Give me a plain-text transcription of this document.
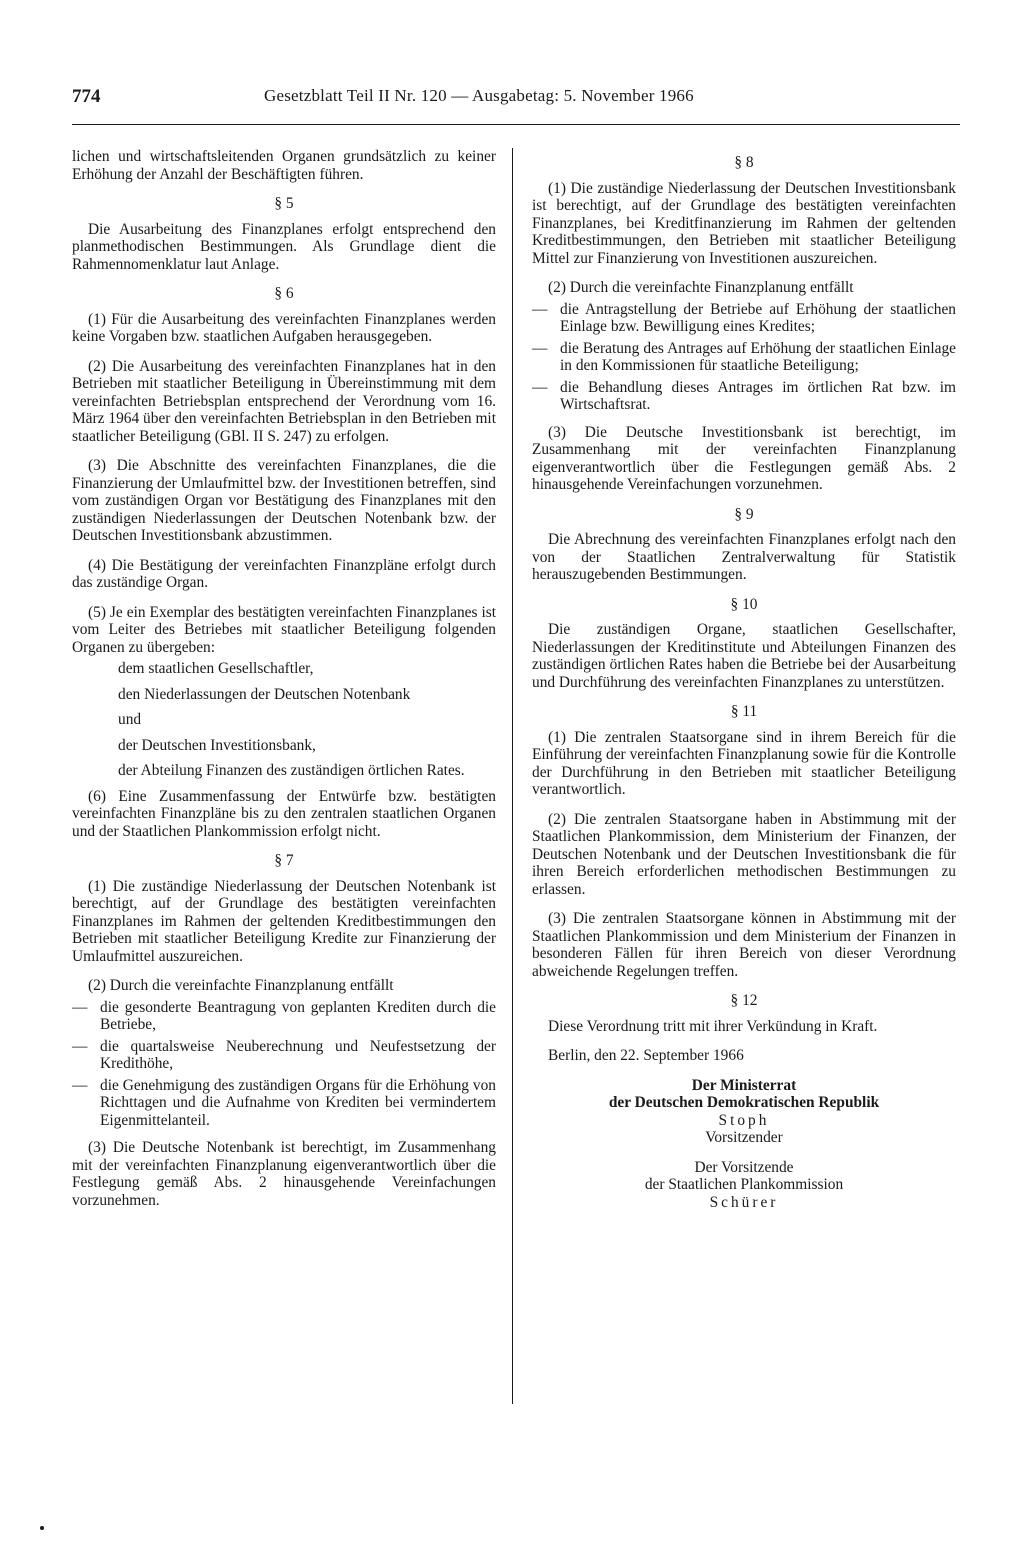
774	Gesetzblatt Teil II Nr. 120 — Ausgabetag: 5. November 1966

lichen und wirtschaftsleitenden Organen grundsätzlich zu keiner Erhöhung der Anzahl der Beschäftigten führen.

§ 5

Die Ausarbeitung des Finanzplanes erfolgt entsprechend den planmethodischen Bestimmungen. Als Grundlage dient die Rahmennomenklatur laut Anlage.

§ 6

(1) Für die Ausarbeitung des vereinfachten Finanzplanes werden keine Vorgaben bzw. staatlichen Aufgaben herausgegeben.

(2) Die Ausarbeitung des vereinfachten Finanzplanes hat in den Betrieben mit staatlicher Beteiligung in Übereinstimmung mit dem vereinfachten Betriebsplan entsprechend der Verordnung vom 16. März 1964 über den vereinfachten Betriebsplan in den Betrieben mit staatlicher Beteiligung (GBl. II S. 247) zu erfolgen.

(3) Die Abschnitte des vereinfachten Finanzplanes, die die Finanzierung der Umlaufmittel bzw. der Investitionen betreffen, sind vom zuständigen Organ vor Bestätigung des Finanzplanes mit den zuständigen Niederlassungen der Deutschen Notenbank bzw. der Deutschen Investitionsbank abzustimmen.

(4) Die Bestätigung der vereinfachten Finanzpläne erfolgt durch das zuständige Organ.

(5) Je ein Exemplar des bestätigten vereinfachten Finanzplanes ist vom Leiter des Betriebes mit staatlicher Beteiligung folgenden Organen zu übergeben:

dem staatlichen Gesellschaftler,
den Niederlassungen der Deutschen Notenbank
und
der Deutschen Investitionsbank,
der Abteilung Finanzen des zuständigen örtlichen Rates.

(6) Eine Zusammenfassung der Entwürfe bzw. bestätigten vereinfachten Finanzpläne bis zu den zentralen staatlichen Organen und der Staatlichen Plankommission erfolgt nicht.

§ 7

(1) Die zuständige Niederlassung der Deutschen Notenbank ist berechtigt, auf der Grundlage des bestätigten vereinfachten Finanzplanes im Rahmen der geltenden Kreditbestimmungen den Betrieben mit staatlicher Beteiligung Kredite zur Finanzierung der Umlaufmittel auszureichen.

(2) Durch die vereinfachte Finanzplanung entfällt

— die gesonderte Beantragung von geplanten Krediten durch die Betriebe,
— die quartalsweise Neuberechnung und Neufestsetzung der Kredithöhe,
— die Genehmigung des zuständigen Organs für die Erhöhung von Richttagen und die Aufnahme von Krediten bei vermindertem Eigenmittelanteil.

(3) Die Deutsche Notenbank ist berechtigt, im Zusammenhang mit der vereinfachten Finanzplanung eigenverantwortlich über die Festlegung gemäß Abs. 2 hinausgehende Vereinfachungen vorzunehmen.

§ 8

(1) Die zuständige Niederlassung der Deutschen Investitionsbank ist berechtigt, auf der Grundlage des bestätigten vereinfachten Finanzplanes, bei Kreditfinanzierung im Rahmen der geltenden Kreditbestimmungen, den Betrieben mit staatlicher Beteiligung Mittel zur Finanzierung von Investitionen auszureichen.

(2) Durch die vereinfachte Finanzplanung entfällt

— die Antragstellung der Betriebe auf Erhöhung der staatlichen Einlage bzw. Bewilligung eines Kredites;
— die Beratung des Antrages auf Erhöhung der staatlichen Einlage in den Kommissionen für staatliche Beteiligung;
— die Behandlung dieses Antrages im örtlichen Rat bzw. im Wirtschaftsrat.

(3) Die Deutsche Investitionsbank ist berechtigt, im Zusammenhang mit der vereinfachten Finanzplanung eigenverantwortlich über die Festlegungen gemäß Abs. 2 hinausgehende Vereinfachungen vorzunehmen.

§ 9

Die Abrechnung des vereinfachten Finanzplanes erfolgt nach den von der Staatlichen Zentralverwaltung für Statistik herauszugebenden Bestimmungen.

§ 10

Die zuständigen Organe, staatlichen Gesellschafter, Niederlassungen der Kreditinstitute und Abteilungen Finanzen des zuständigen örtlichen Rates haben die Betriebe bei der Ausarbeitung und Durchführung des vereinfachten Finanzplanes zu unterstützen.

§ 11

(1) Die zentralen Staatsorgane sind in ihrem Bereich für die Einführung der vereinfachten Finanzplanung sowie für die Kontrolle der Durchführung in den Betrieben mit staatlicher Beteiligung verantwortlich.

(2) Die zentralen Staatsorgane haben in Abstimmung mit der Staatlichen Plankommission, dem Ministerium der Finanzen, der Deutschen Notenbank und der Deutschen Investitionsbank die für ihren Bereich erforderlichen methodischen Bestimmungen zu erlassen.

(3) Die zentralen Staatsorgane können in Abstimmung mit der Staatlichen Plankommission und dem Ministerium der Finanzen in besonderen Fällen für ihren Bereich von dieser Verordnung abweichende Regelungen treffen.

§ 12

Diese Verordnung tritt mit ihrer Verkündung in Kraft.

Berlin, den 22. September 1966

Der Ministerrat
der Deutschen Demokratischen Republik
Stoph
Vorsitzender
Der Vorsitzende
der Staatlichen Plankommission
Schürer
